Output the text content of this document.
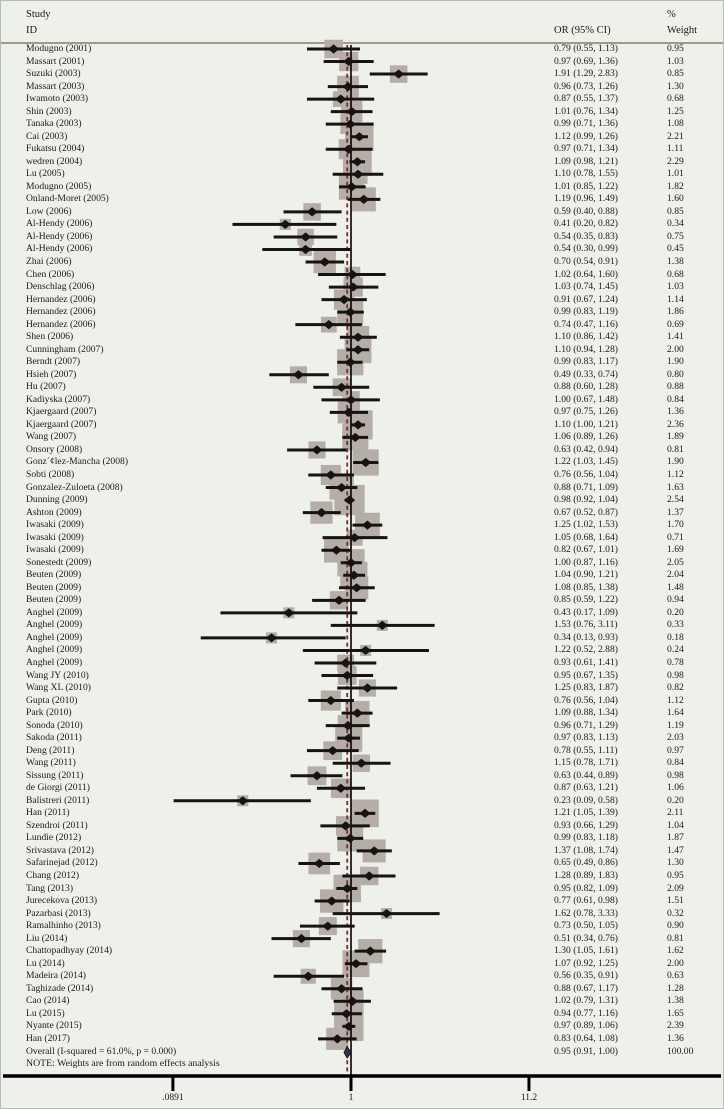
Study
ID	OR (95% CI)
%
Weight
Modugno (2001)	0.79 (0.55, 1.13)	0.95
Massart (2001)	0.97 (0.69, 1.36)	1.03
Suzuki (2003)	1.91 (1.29, 2.83)	0.85
Massart (2003)	0.96 (0.73, 1.26)	1.30
Iwamoto (2003)	0.87 (0.55, 1.37)	0.68
Shin (2003)	1.01 (0.76, 1.34)	1.25
Tanaka (2003)	0.99 (0.71, 1.36)	1.08
Cai (2003)	1.12 (0.99, 1.26)	2.21
Fukatsu (2004)	0.97 (0.71, 1.34)	1.11
wedren (2004)	1.09 (0.98, 1.21)	2.29
Lu (2005)	1.10 (0.78, 1.55)	1.01
Modugno (2005)	1.01 (0.85, 1.22)	1.82
Onland-Moret (2005)	1.19 (0.96, 1.49)	1.60
Low (2006)	0.59 (0.40, 0.88)	0.85
Al-Hendy (2006)	0.41 (0.20, 0.82)	0.34
Al-Hendy (2006)	0.54 (0.35, 0.83)	0.75
Al-Hendy (2006)	0.54 (0.30, 0.99)	0.45
Zhai (2006)	0.70 (0.54, 0.91)	1.38
Chen (2006)	1.02 (0.64, 1.60)	0.68
Denschlag (2006)	1.03 (0.74, 1.45)	1.03
Hernandez (2006)	0.91 (0.67, 1.24)	1.14
Hernandez (2006)	0.99 (0.83, 1.19)	1.86
Hernandez (2006)	0.74 (0.47, 1.16)	0.69
Shen (2006)	1.10 (0.86, 1.42)	1.41
Cunningham (2007)	1.10 (0.94, 1.28)	2.00
Berndt (2007)	0.99 (0.83, 1.17)	1.90
Hsieh (2007)	0.49 (0.33, 0.74)	0.80
Hu (2007)	0.88 (0.60, 1.28)	0.88
Kadiyska (2007)	1.00 (0.67, 1.48)	0.84
Kjaergaard (2007)	0.97 (0.75, 1.26)	1.36
Kjaergaard (2007)	1.10 (1.00, 1.21)	2.36
Wang (2007)	1.06 (0.89, 1.26)	1.89
Onsory (2008)	0.63 (0.42, 0.94)	0.81
Gonz´¢lez-Mancha (2008)	1.22 (1.03, 1.45)	1.90
Sobti (2008)	0.76 (0.56, 1.04)	1.12
Gonzalez-Zuloeta (2008)	0.88 (0.71, 1.09)	1.63
Dunning (2009)	0.98 (0.92, 1.04)	2.54
Ashton (2009)	0.67 (0.52, 0.87)	1.37
Iwasaki (2009)	1.25 (1.02, 1.53)	1.70
Iwasaki (2009)	1.05 (0.68, 1.64)	0.71
Iwasaki (2009)	0.82 (0.67, 1.01)	1.69
Sonestedt (2009)	1.00 (0.87, 1.16)	2.05
Beuten (2009)	1.04 (0.90, 1.21)	2.04
Beuten (2009)	1.08 (0.85, 1.38)	1.48
Beuten (2009)	0.85 (0.59, 1.22)	0.94
Anghel (2009)	0.43 (0.17, 1.09)	0.20
Anghel (2009)	1.53 (0.76, 3.11)	0.33
Anghel (2009)	0.34 (0.13, 0.93)	0.18
Anghel (2009)	1.22 (0.52, 2.88)	0.24
Anghel (2009)	0.93 (0.61, 1.41)	0.78
Wang JY (2010)	0.95 (0.67, 1.35)	0.98
Wang XL (2010)	1.25 (0.83, 1.87)	0.82
Gupta (2010)	0.76 (0.56, 1.04)	1.12
Park (2010)	1.09 (0.88, 1.34)	1.64
Sonoda (2010)	0.96 (0.71, 1.29)	1.19
Sakoda (2011)	0.97 (0.83, 1.13)	2.03
Deng (2011)	0.78 (0.55, 1.11)	0.97
Wang (2011)	1.15 (0.78, 1.71)	0.84
Sissung (2011)	0.63 (0.44, 0.89)	0.98
de Giorgi (2011)	0.87 (0.63, 1.21)	1.06
Balistreri (2011)	0.23 (0.09, 0.58)	0.20
Han (2011)	1.21 (1.05, 1.39)	2.11
Szendroi (2011)	0.93 (0.66, 1.29)	1.04
Lundie (2012)	0.99 (0.83, 1.18)	1.87
Srivastava (2012)	1.37 (1.08, 1.74)	1.47
Safarinejad (2012)	0.65 (0.49, 0.86)	1.30
Chang (2012)	1.28 (0.89, 1.83)	0.95
Tang (2013)	0.95 (0.82, 1.09)	2.09
Jurecekova (2013)	0.77 (0.61, 0.98)	1.51
Pazarbasi (2013)	1.62 (0.78, 3.33)	0.32
Ramalhinho (2013)	0.73 (0.50, 1.05)	0.90
Liu (2014)	0.51 (0.34, 0.76)	0.81
Chattopadhyay (2014)	1.30 (1.05, 1.61)	1.62
Lu (2014)	1.07 (0.92, 1.25)	2.00
Madeira (2014)	0.56 (0.35, 0.91)	0.63
Taghizade (2014)	0.88 (0.67, 1.17)	1.28
Cao (2014)	1.02 (0.79, 1.31)	1.38
Lu (2015)	0.94 (0.77, 1.16)	1.65
Nyante (2015)	0.97 (0.89, 1.06)	2.39
Han (2017)	0.83 (0.64, 1.08)	1.36
Overall (I-squared = 61.0%, p = 0.000)	0.95 (0.91, 1.00)	100.00
NOTE: Weights are from random effects analysis
.0891	1	11.2
